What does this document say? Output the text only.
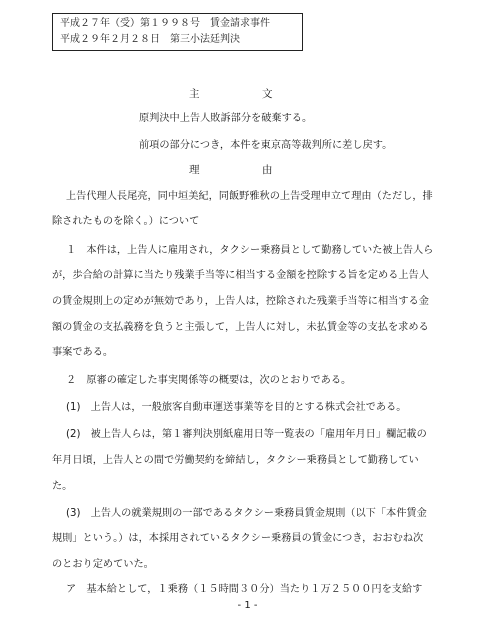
平成２７年（受）第１９９８号　賃金請求事件
平成２９年２月２８日　第三小法廷判決
主	文
原判決中上告人敗訴部分を破棄する。
前項の部分につき，本件を東京高等裁判所に差し戻す。
理	由
上告代理人長尾亮，同中垣美紀，同飯野雅秋の上告受理申立て理由（ただし，排
除されたものを除く。）について
１　本件は，上告人に雇用され，タクシー乗務員として勤務していた被上告人ら
が，歩合給の計算に当たり残業手当等に相当する金額を控除する旨を定める上告人
の賃金規則上の定めが無効であり，上告人は，控除された残業手当等に相当する金
額の賃金の支払義務を負うと主張して，上告人に対し，未払賃金等の支払を求める
事案である。
２　原審の確定した事実関係等の概要は，次のとおりである。
(1)　上告人は，一般旅客自動車運送事業等を目的とする株式会社である。
(2)　被上告人らは，第１審判決別紙雇用日等一覧表の「雇用年月日」欄記載の
年月日頃，上告人との間で労働契約を締結し，タクシー乗務員として勤務してい
た。
(3)　上告人の就業規則の一部であるタクシー乗務員賃金規則（以下「本件賃金
規則」という。）は，本採用されているタクシー乗務員の賃金につき，おおむね次
のとおり定めていた。
ア　基本給として，１乗務（１５時間３０分）当たり１万２５００円を支給す
- 1 -
